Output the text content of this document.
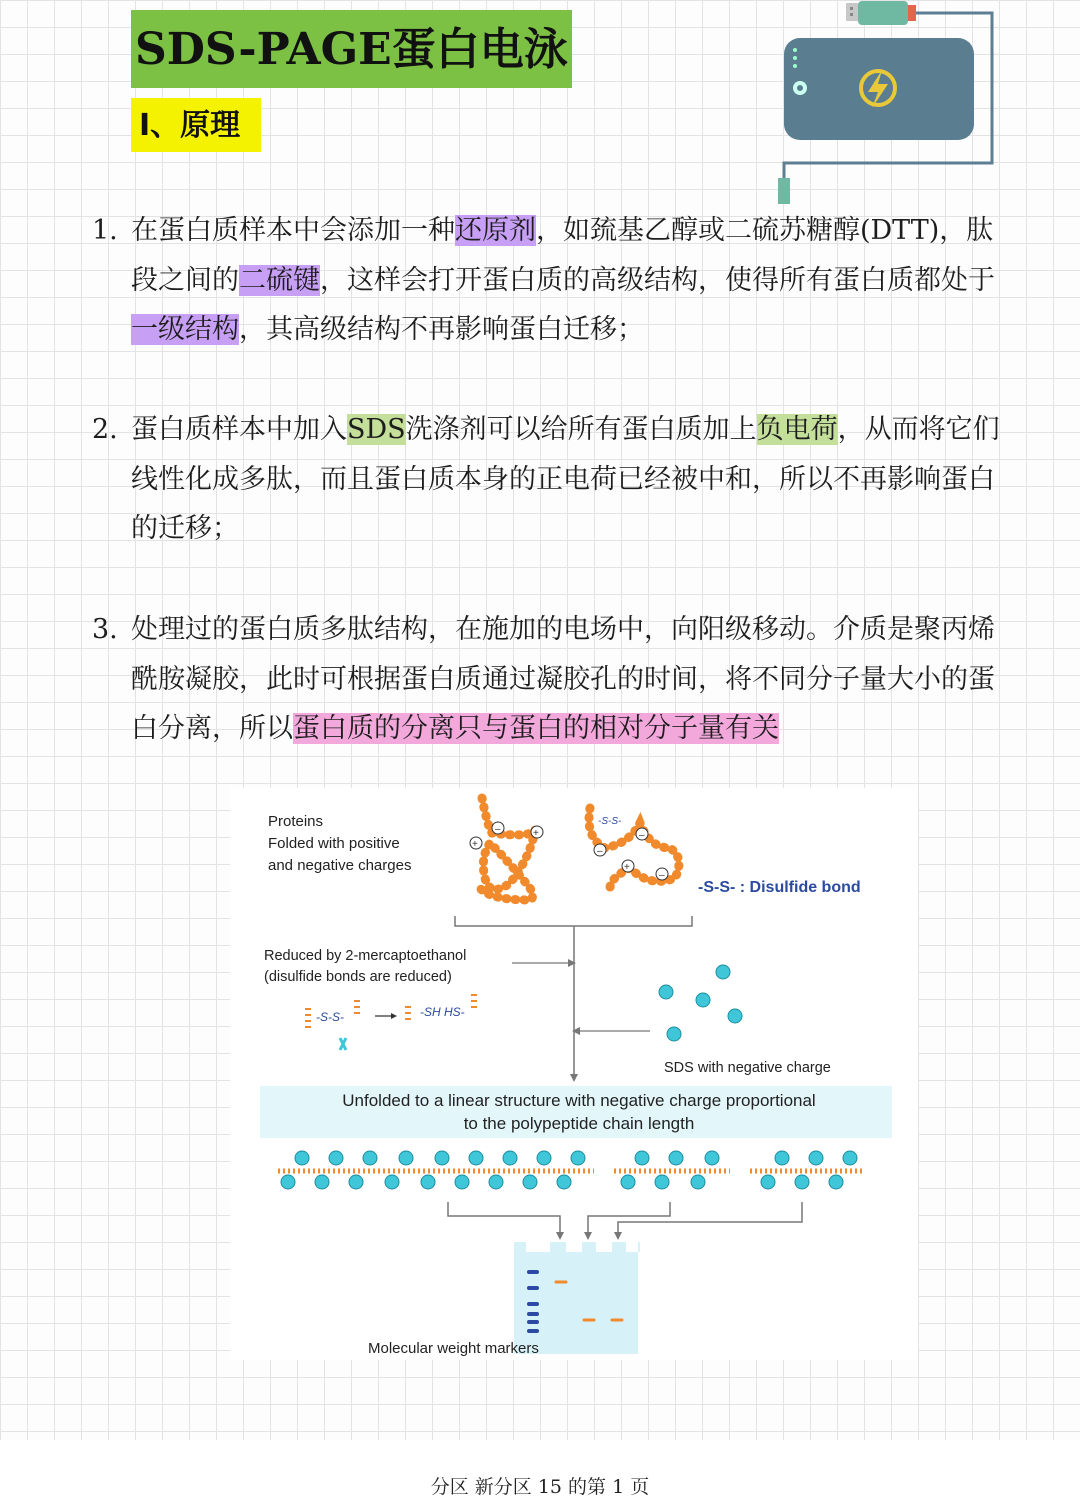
SDS-PAGE蛋白电泳
Ⅰ、原理
1. 在蛋白质样本中会添加一种还原剂，如巯基乙醇或二硫苏糖醇(DTT)，肽段之间的二硫键，这样会打开蛋白质的高级结构，使得所有蛋白质都处于一级结构，其高级结构不再影响蛋白迁移；
2. 蛋白质样本中加入SDS洗涤剂可以给所有蛋白质加上负电荷，从而将它们线性化成多肽，而且蛋白质本身的正电荷已经被中和，所以不再影响蛋白的迁移；
3. 处理过的蛋白质多肽结构，在施加的电场中，向阳级移动。介质是聚丙烯酰胺凝胶，此时可根据蛋白质通过凝胶孔的时间，将不同分子量大小的蛋白分离，所以蛋白质的分离只与蛋白的相对分子量有关
Proteins
Folded with positive
and negative charges
+
+
–
-S-S-
–
+
–
–
-S-S- : Disulfide bond
Reduced by 2-mercaptoethanol
(disulfide bonds are reduced)
-S-S-	-SH HS-
SDS with negative charge
Unfolded to a linear structure with negative charge proportional
to the polypeptide chain length
Molecular weight markers
分区 新分区 15 的第 1 页
